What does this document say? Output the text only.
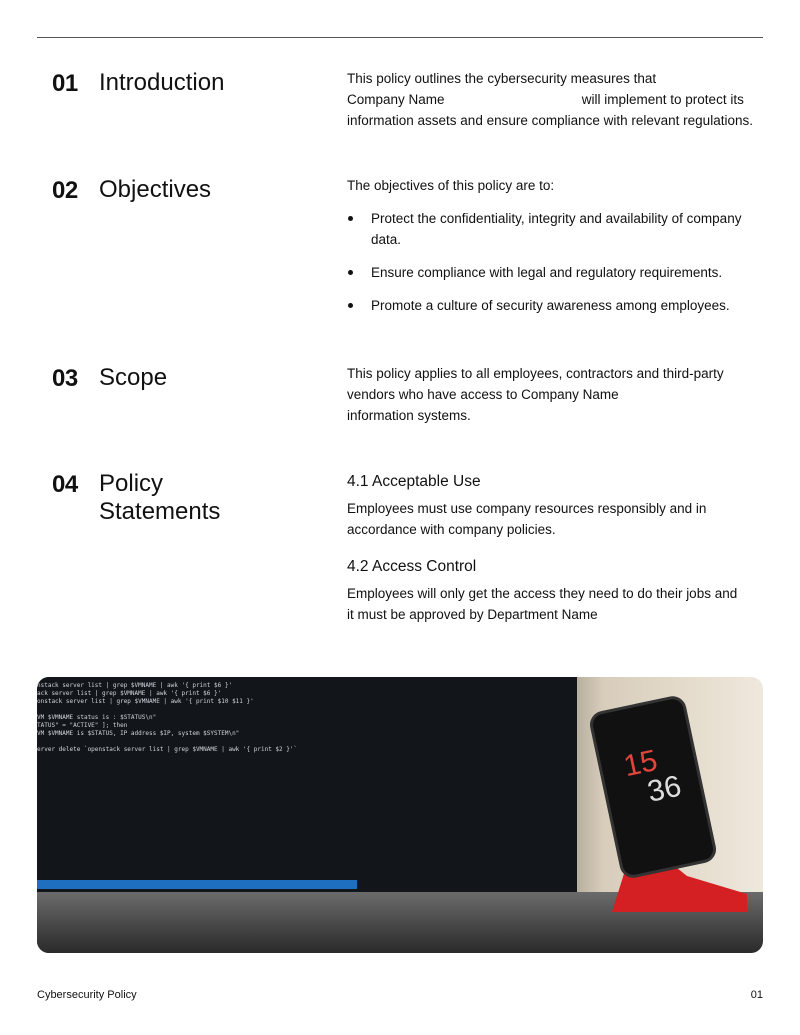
01 Introduction	This policy outlines the cybersecurity measures that
Company Name	will implement to protect its information assets and ensure compliance with relevant regulations.
02 Objectives	The objectives of this policy are to:

Protect the confidentiality, integrity and availability of company data.
Ensure compliance with legal and regulatory requirements.
Promote a culture of security awareness among employees.
03 Scope	This policy applies to all employees, contractors and third-party vendors who have access to Company Name
information systems.
04 Policy
Statements
4.1 Acceptable Use

Employees must use company resources responsibly and in accordance with company policies.

4.2 Access Control

Employees will only get the access they need to do their jobs and it must be approved by Department Name

nstack server list | grep $VMNAME | awk '{ print $6 }'
ack server list | grep $VMNAME | awk '{ print $6 }'
onstack server list | grep $VMNAME | awk '{ print $10 $11 }'

VM $VMNAME status is : $STATUS\n"
TATUS" = "ACTIVE" ]; then
VM $VMNAME is $STATUS, IP address $IP, system $SYSTEM\n"

erver delete `openstack server list | grep $VMNAME | awk '{ print $2 }'`	15
36
Cybersecurity Policy	01
